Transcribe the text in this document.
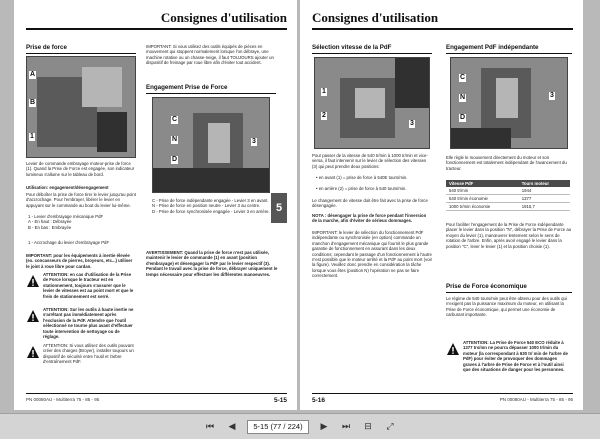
Consignes d'utilisation
Prise de force
A
B
1
Levier de commande embrayage moteur-prise de force (1). Quand la Prise de Force est engagée, son indicateur lumineux s'allume sur le tableau de bord.
Utilisation: engagement/désengagement
Pour déboîter la prise de force tirer le levier jusqu'au point d'accrochage. Pour l'embrayer, libérer le levier en appuyant sur le commande au bout du levier lui-même.
1 - Levier d'embrayage mécanique PdF
A - En haut : Débrayée
B - En bas : Embrayée
1 - Accrochage du levier d'embrayage PdF
IMPORTANT: pour les équipements à inertie élevée (ex. concasseurs de pierres, broyeurs, etc...) utiliser le joint à roue libre pour cardan.
ATTENTION: en cas d'utilisation de la Prise de Force lorsque le tracteur est en stationnement, toujours s'assurer que le levier de vitesses est au point mort et que le frein de stationnement est serré.
ATTENTION: Sur les outils à haute inertie ne s'arrêtant pas immédiatement après l'exclusion de la PdF. Attendre que l'outil sélectionné ne tourne plus avant d'effectuer toute intervention de nettoyage ou de réglage.
ATTENTION: Si vous utilisez des outils pouvant créer des charges (Broyer), installer toujours un dispositif de sécurité entre l'outil et l'arbre d'entraînement PdF.
IMPORTANT: Si vous utilisez des outils équipés de pièces en mouvement qui stoppent normalement lorsque l'on débraye, une machine rotative ou un chasse-neige, il faut TOUJOURS ajouter un dispositif de freinage par roue libre afin d'éviter tout accident.
Engagement Prise de Force
C
N
D
3
C - Prise de force indépendante engagée - Levier 3 en avant.
N - Prise de force en position neutre - Levier 3 au centre.
D - Prise de force synchronisée engagée - Levier 3 en arrière.
AVERTISSEMENT: Quand la prise de force n'est pas utilisée, maintenir le levier de commande (1) en avant (position d'embrayage) et désengager la PdF par le levier respectif (3). Pendant le travail avec la prise de force, débrayer uniquement le temps nécessaire pour effectuer les différentes manoeuvres.
PN 00080AU - Multiterra 75 - 85 - 95	5-15
5
Consignes d'utilisation
Sélection vitesse de la PdF
1
2
3
Pour passer de la vitesse de 540 tr/min à 1000 tr/min et vice-versa, il faut intervenir sur le levier de sélection des vitesses (3) qui peut prendre deux positions:
• en avant (1) = prise de force à 540E tours/min.
• en arrière (2) = prise de force à 540 tours/min.
Le changement de vitesse doit être fait avec la prise de force désengagée.
NOTA : désengager la prise de force pendant l'inversion de la marche, afin d'éviter de sérieux dommages.
IMPORTANT: le levier de sélection du fonctionnement PdF indépendante ou synchronisée (en option) commande un manchon d'engagement mécanique qui fournit le plus grande garantie de fonctionnement en assurant dans les deux conditions; cependant le passage d'un fonctionnement à l'autre n'est possible que le moteur arrêté et la PdF au point mort (voir la figure). Veuillez donc prendre en considération la tâche lorsque vous êtes (position N) l'opération ne pas se faire correctement.
Engagement PdF indépendante
C
N
D
3
Elle règle le mouvement directement du moteur et son fonctionnement est totalement indépendant de l'avancement du tracteur.
Vitesse PdF	Tours moteur
540 tr/min	1944
540 tr/min économie	1377
1000 tr/min économie	1915,7
Pour faciliter l'engagement de la Prise de Force indépendante placer le levier dans la position "N", débrayer la Prise de Force au moyen du levier (1), manœuvrer lentement selon le sens de rotation de l'arbre. Enfin, après avoir engagé le levier dans la position "C", lever le levier (1) et la position choisie (1).
Prise de Force économique
Le régime de 540 tours/min peut être obtenu pour des outils qui n'exigent pas la puissance maximum du moteur, en utilisant la Prise de Force économique, qui permet une économie de carburant importante.
ATTENTION: La Prise de Force 540 ECO réduite à 1377 trs/mn ne pourra dépasser 1000 tr/min du moteur (la correspondant à 630 tr/ min de l'arbre de PdF) pour éviter de provoquer des dommages graves à l'arbre de Prise de Force et à l'outil ainsi que des situations de danger pour les personnes.
5-16	PN 00080AU - Multiterra 75 - 85 - 95
⏮	◀	5-15 (77 / 224)	▶	⏭	⊟	⤢
